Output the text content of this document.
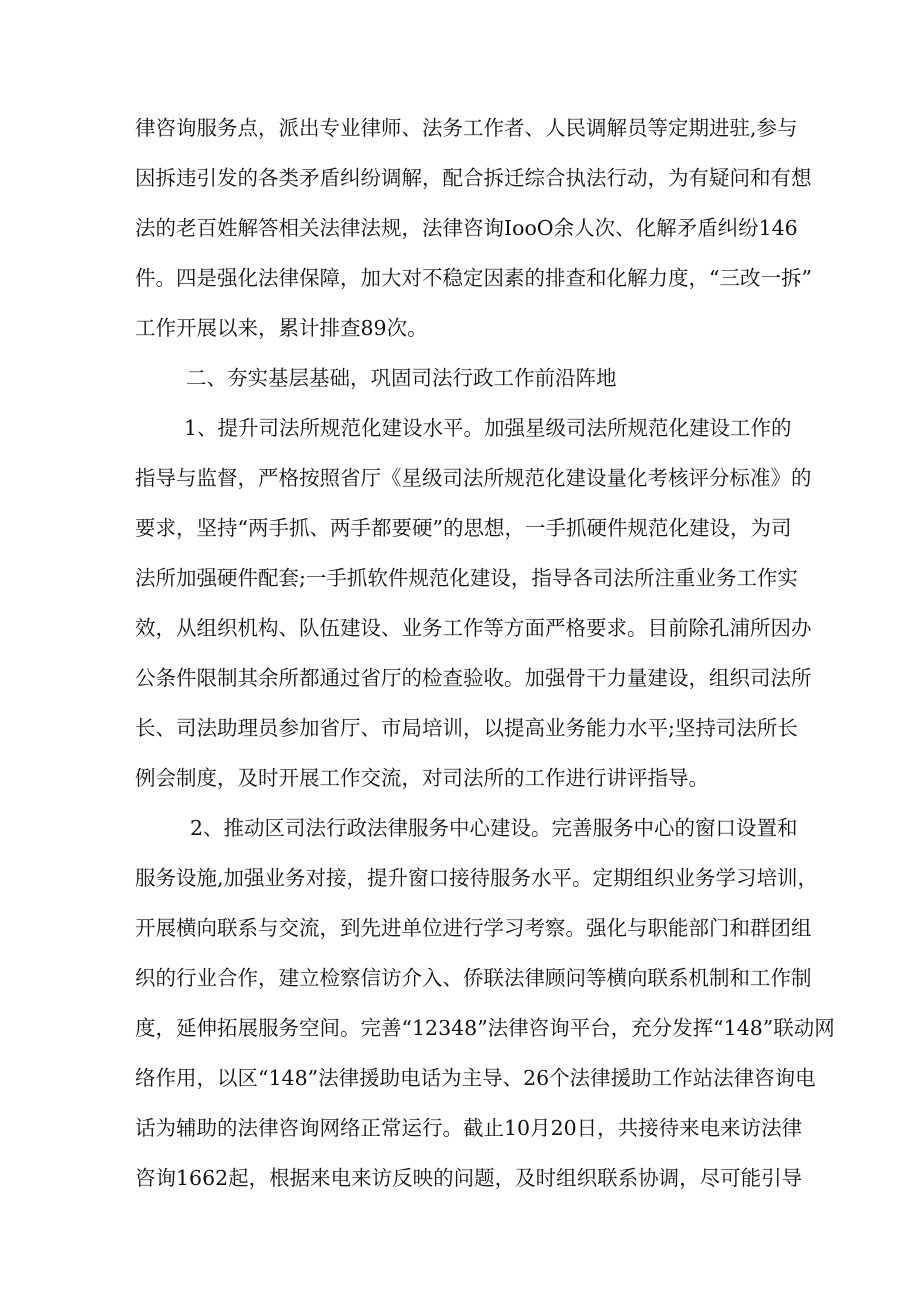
律咨询服务点，派出专业律师、法务工作者、人民调解员等定期进驻,参与

因拆违引发的各类矛盾纠纷调解，配合拆迁综合执法行动，为有疑问和有想

法的老百姓解答相关法律法规，法律咨询IooO余人次、化解矛盾纠纷146

件。四是强化法律保障，加大对不稳定因素的排查和化解力度，“三改一拆”

工作开展以来，累计排查89次。

二、夯实基层基础，巩固司法行政工作前沿阵地

1、提升司法所规范化建设水平。加强星级司法所规范化建设工作的

指导与监督，严格按照省厅《星级司法所规范化建设量化考核评分标准》的

要求，坚持“两手抓、两手都要硬”的思想，一手抓硬件规范化建设，为司

法所加强硬件配套;一手抓软件规范化建设，指导各司法所注重业务工作实

效，从组织机构、队伍建设、业务工作等方面严格要求。目前除孔浦所因办

公条件限制其余所都通过省厅的检查验收。加强骨干力量建设，组织司法所

长、司法助理员参加省厅、市局培训，以提高业务能力水平;坚持司法所长

例会制度，及时开展工作交流，对司法所的工作进行讲评指导。

2、推动区司法行政法律服务中心建设。完善服务中心的窗口设置和

服务设施,加强业务对接，提升窗口接待服务水平。定期组织业务学习培训，

开展横向联系与交流，到先进单位进行学习考察。强化与职能部门和群团组

织的行业合作，建立检察信访介入、侨联法律顾问等横向联系机制和工作制

度，延伸拓展服务空间。完善“12348”法律咨询平台，充分发挥“148”联动网

络作用，以区“148”法律援助电话为主导、26个法律援助工作站法律咨询电

话为辅助的法律咨询网络正常运行。截止10月20日，共接待来电来访法律

咨询1662起，根据来电来访反映的问题，及时组织联系协调，尽可能引导
